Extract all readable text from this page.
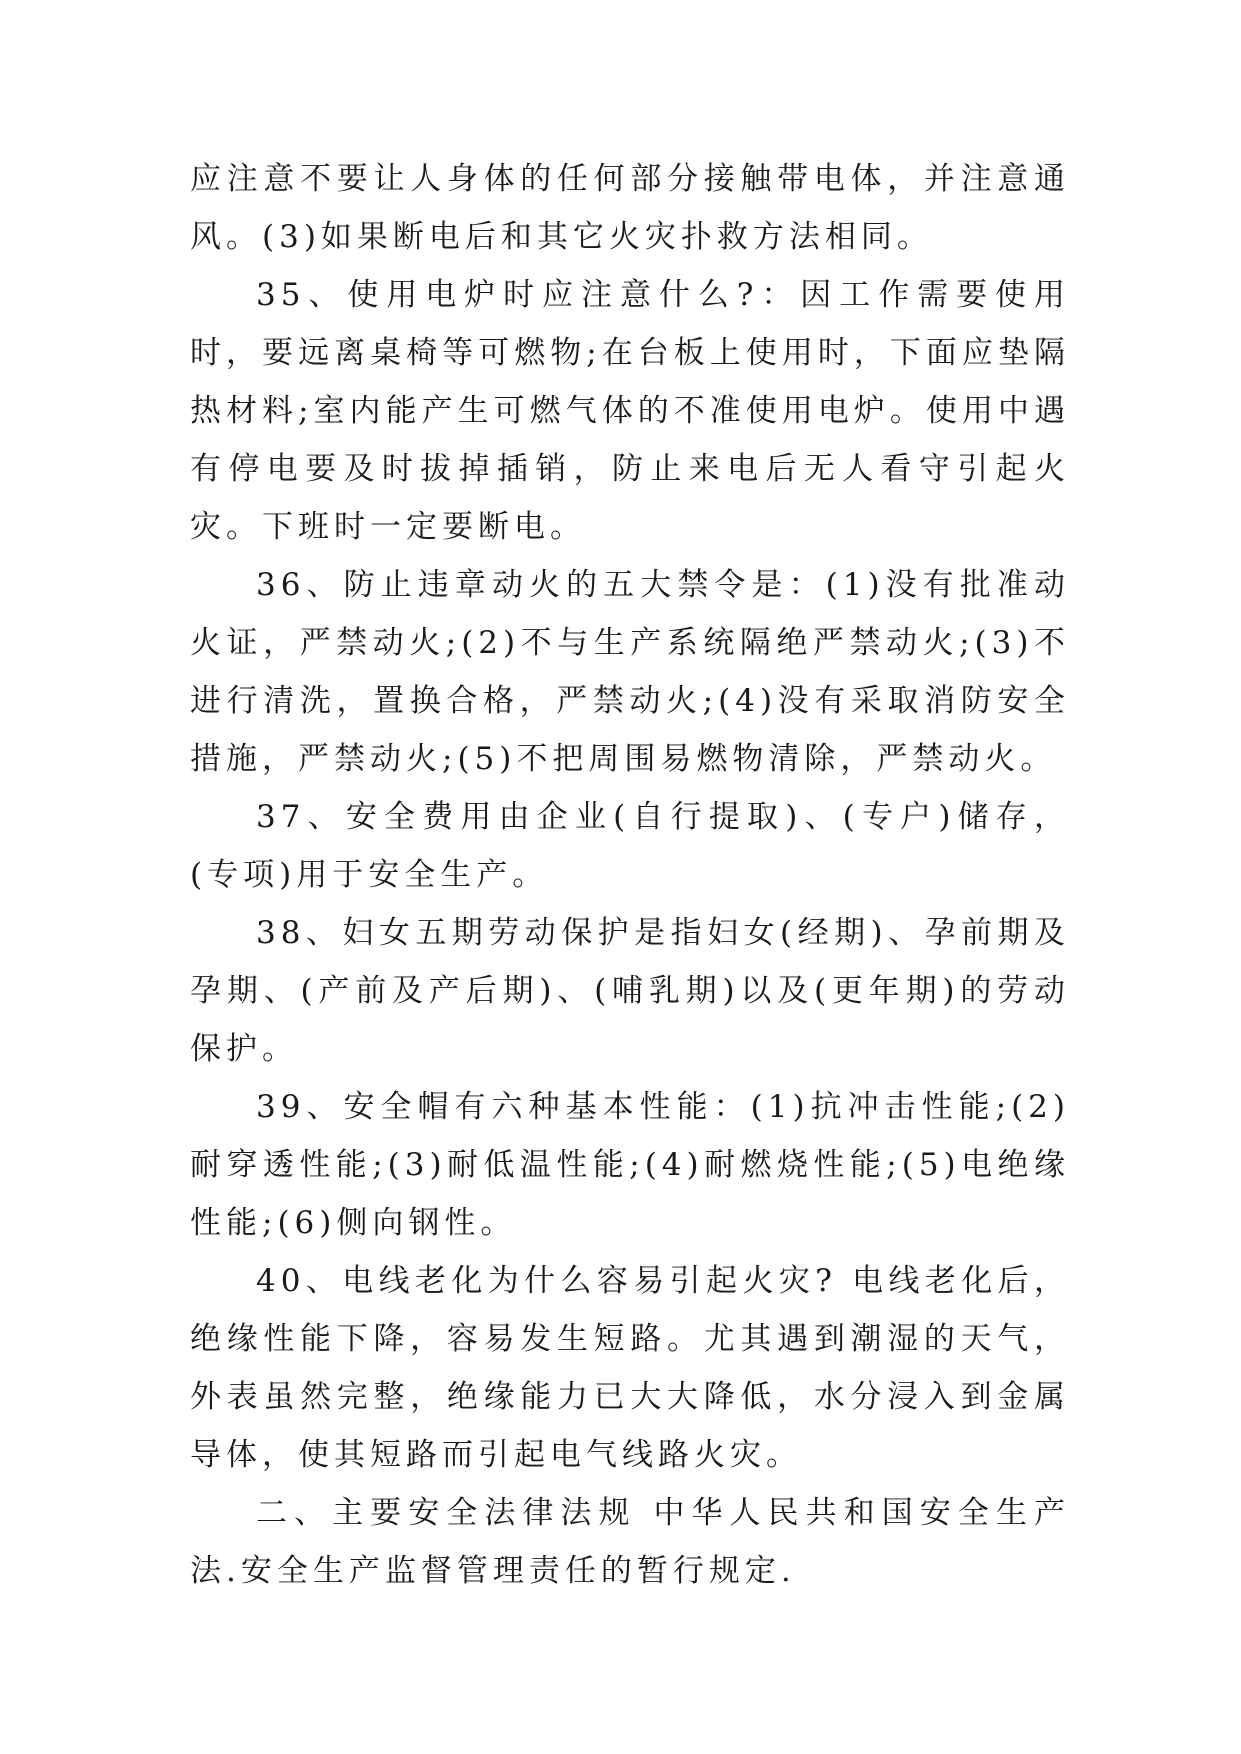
应注意不要让人身体的任何部分接触带电体，并注意通风。(3)如果断电后和其它火灾扑救方法相同。

35、使用电炉时应注意什么?：因工作需要使用时，要远离桌椅等可燃物;在台板上使用时，下面应垫隔热材料;室内能产生可燃气体的不准使用电炉。使用中遇有停电要及时拔掉插销，防止来电后无人看守引起火灾。下班时一定要断电。

36、防止违章动火的五大禁令是：(1)没有批准动火证，严禁动火;(2)不与生产系统隔绝严禁动火;(3)不进行清洗，置换合格，严禁动火;(4)没有采取消防安全措施，严禁动火;(5)不把周围易燃物清除，严禁动火。

37、安全费用由企业(自行提取)、(专户)储存，(专项)用于安全生产。

38、妇女五期劳动保护是指妇女(经期)、孕前期及孕期、(产前及产后期)、(哺乳期)以及(更年期)的劳动保护。

39、安全帽有六种基本性能：(1)抗冲击性能;(2)耐穿透性能;(3)耐低温性能;(4)耐燃烧性能;(5)电绝缘性能;(6)侧向钢性。

40、电线老化为什么容易引起火灾? 电线老化后，绝缘性能下降，容易发生短路。尤其遇到潮湿的天气，外表虽然完整，绝缘能力已大大降低，水分浸入到金属导体，使其短路而引起电气线路火灾。

二、主要安全法律法规 中华人民共和国安全生产法.安全生产监督管理责任的暂行规定.
